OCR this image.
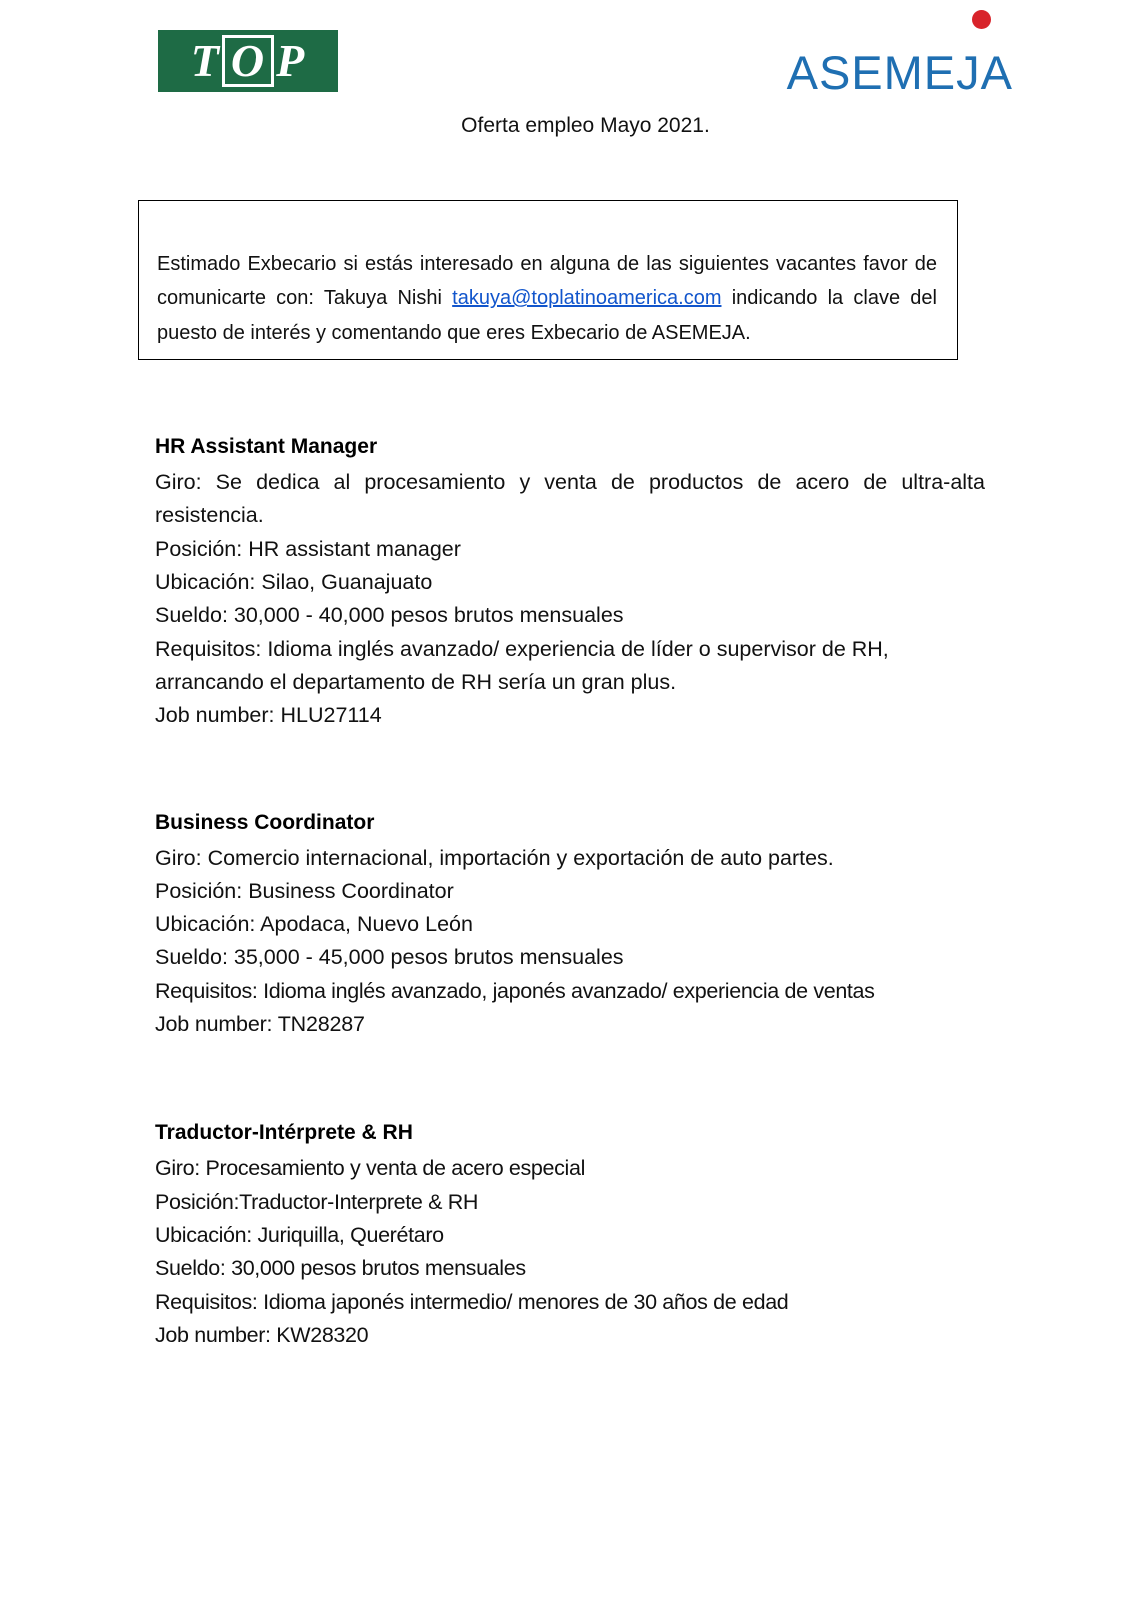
T O P	ASEMEJA
Oferta empleo Mayo 2021.

Estimado Exbecario si estás interesado en alguna de las siguientes vacantes favor de comunicarte con: Takuya Nishi takuya@toplatinoamerica.com indicando la clave del puesto de interés y comentando que eres Exbecario de ASEMEJA.

HR Assistant Manager
Giro: Se dedica al procesamiento y venta de productos de acero de ultra-alta resistencia.
Posición: HR assistant manager
Ubicación: Silao, Guanajuato
Sueldo: 30,000 - 40,000 pesos brutos mensuales
Requisitos: Idioma inglés avanzado/ experiencia de líder o supervisor de RH, arrancando el departamento de RH sería un gran plus.
Job number: HLU27114
Business Coordinator
Giro: Comercio internacional, importación y exportación de auto partes.
Posición: Business Coordinator
Ubicación: Apodaca, Nuevo León
Sueldo: 35,000 - 45,000 pesos brutos mensuales
Requisitos: Idioma inglés avanzado, japonés avanzado/ experiencia de ventas
Job number: TN28287
Traductor-Intérprete & RH
Giro: Procesamiento y venta de acero especial
Posición:Traductor-Interprete & RH
Ubicación: Juriquilla, Querétaro
Sueldo: 30,000 pesos brutos mensuales
Requisitos: Idioma japonés intermedio/ menores de 30 años de edad
Job number: KW28320
